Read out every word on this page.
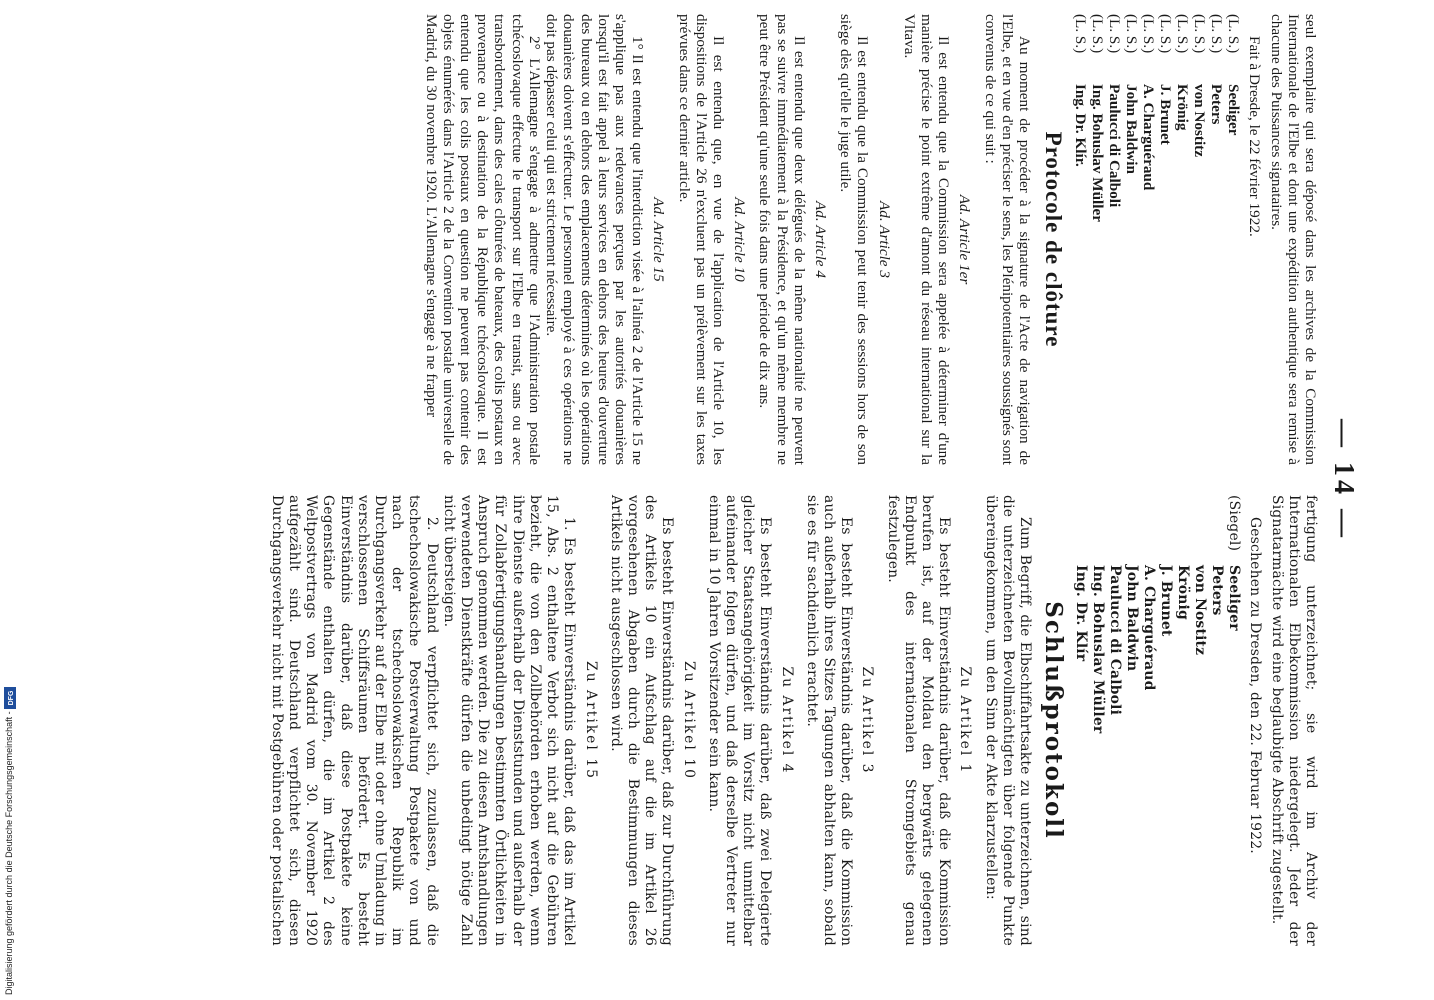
— 14 —

seul exemplaire qui sera déposé dans les archives de la Commission Internationale de l'Elbe et dont une expédition authentique sera remise à chacune des Puissances signataires.

Fait à Dresde, le 22 février 1922.

(L. S.)Seeliger
(L. S.)Peters
(L. S.)von Nostitz
(L. S.)Krönig
(L. S.)J. Brunet
(L. S.)A. Charguéraud
(L. S.)John Baldwin
(L. S.)Paulucci di Calboli
(L. S.)Ing. Bohuslav Müller
(L. S.)Ing. Dr. Klír.
Protocole de clôture

Au moment de procéder à la signature de l'Acte de navigation de l'Elbe, et en vue d'en préciser le sens, les Plénipotentiaires soussignés sont convenus de ce qui suit :

Ad. Article 1er

Il est entendu que la Commission sera appelée à déterminer d'une manière précise le point extrême d'amont du réseau international sur la Vltava.

Ad. Article 3

Il est entendu que la Commission peut tenir des sessions hors de son siège dès qu'elle le juge utile.

Ad. Article 4

Il est entendu que deux délégués de la même nationalité ne peuvent pas se suivre immédiatement à la Présidence, et qu'un même membre ne peut être Président qu'une seule fois dans une période de dix ans.

Ad. Article 10

Il est entendu que, en vue de l'application de l'Article 10, les dispositions de l'Article 26 n'excluent pas un prélèvement sur les taxes prévues dans ce dernier article.

Ad. Article 15

1° Il est entendu que l'interdiction visée à l'alinéa 2 de l'Article 15 ne s'applique pas aux redevances perçues par les autorités douanières lorsqu'il est fait appel à leurs services en dehors des heures d'ouverture des bureaux ou en dehors des emplacements déterminés où les opérations douanières doivent s'effectuer. Le personnel employé à ces opérations ne doit pas dépasser celui qui est strictement nécessaire.

2° L'Allemagne s'engage à admettre que l'Administration postale tchécoslovaque effectue le transport sur l'Elbe en transit, sans ou avec transbordement, dans des cales clôturées de bateaux, des colis postaux en provenance ou à destination de la République tchécoslovaque. Il est entendu que les colis postaux en question ne peuvent pas contenir des objets énumérés dans l'Article 2 de la Convention postale universelle de Madrid, du 30 novembre 1920. L'Allemagne s'engage à ne frapper

fertigung unterzeichnet; sie wird im Archiv der Internationalen Elbekommission niedergelegt. Jeder der Signatarmächte wird eine beglaubigte Abschrift zugestellt.

Geschehen zu Dresden, den 22. Februar 1922.

(Siegel)Seeliger
Peters
von Nostitz
Krönig
J. Brunet
A. Charguéraud
John Baldwin
Paulucci di Calboli
Ing. Bohuslav Müller
Ing. Dr. Klír
Schlußprotokoll

Zum Begriff, die Elbschiffahrtsakte zu unterzeichnen, sind die unterzeichneten Bevollmächtigten über folgende Punkte übereingekommen, um den Sinn der Akte klarzustellen:

Zu Artikel 1

Es besteht Einverständnis darüber, daß die Kommission berufen ist, auf der Moldau den bergwärts gelegenen Endpunkt des internationalen Stromgebiets genau festzulegen.

Zu Artikel 3

Es besteht Einverständnis darüber, daß die Kommission auch außerhalb ihres Sitzes Tagungen abhalten kann, sobald sie es für sachdienlich erachtet.

Zu Artikel 4

Es besteht Einverständnis darüber, daß zwei Delegierte gleicher Staatsangehörigkeit im Vorsitz nicht unmittelbar aufeinander folgen dürfen, und daß derselbe Vertreter nur einmal in 10 Jahren Vorsitzender sein kann.

Zu Artikel 10

Es besteht Einverständnis darüber, daß zur Durchführung des Artikels 10 ein Aufschlag auf die im Artikel 26 vorgesehenen Abgaben durch die Bestimmungen dieses Artikels nicht ausgeschlossen wird.

Zu Artikel 15

1. Es besteht Einverständnis darüber, daß das im Artikel 15, Abs. 2 enthaltene Verbot sich nicht auf die Gebühren bezieht, die von den Zollbehörden erhoben werden, wenn ihre Dienste außerhalb der Dienststunden und außerhalb der für Zollabfertigungshandlungen bestimmten Örtlichkeiten in Anspruch genommen werden. Die zu diesen Amtshandlungen verwendeten Dienstkräfte dürfen die unbedingt nötige Zahl nicht übersteigen.

2. Deutschland verpflichtet sich, zuzulassen, daß die tschechoslowakische Postverwaltung Postpakete von und nach der tschechoslowakischen Republik im Durchgangsverkehr auf der Elbe mit oder ohne Umladung in verschlossenen Schiffsräumen befördert. Es besteht Einverständnis darüber, daß diese Postpakete keine Gegenstände enthalten dürfen, die im Artikel 2 des Weltpostvertrags von Madrid vom 30. November 1920 aufgezählt sind. Deutschland verpflichtet sich, diesen Durchgangsverkehr nicht mit Postgebühren oder postalischen

Digitalisierung gefördert durch die Deutsche Forschungsgemeinschaft -
DFG
